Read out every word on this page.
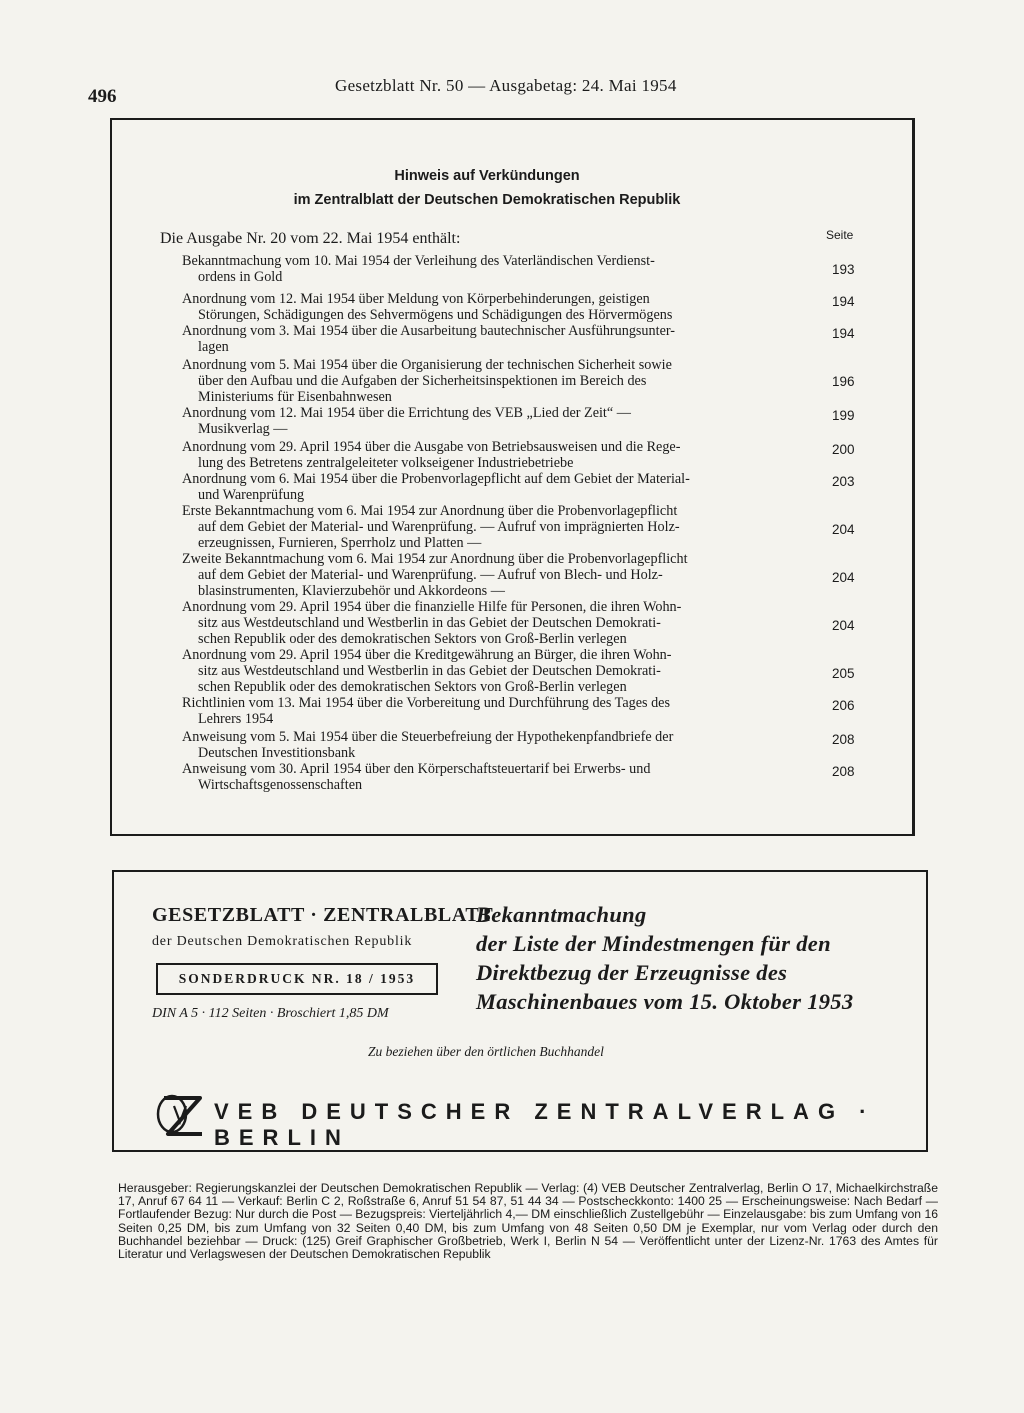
496
Gesetzblatt Nr. 50 — Ausgabetag: 24. Mai 1954
Hinweis auf Verkündungen
im Zentralblatt der Deutschen Demokratischen Republik
Die Ausgabe Nr. 20 vom 22. Mai 1954 enthält:	Seite
Bekanntmachung vom 10. Mai 1954 der Verleihung des Vaterländischen Verdienst-
ordens in Gold	193
Anordnung vom 12. Mai 1954 über Meldung von Körperbehinderungen, geistigen
Störungen, Schädigungen des Sehvermögens und Schädigungen des Hörvermögens
194
Anordnung vom 3. Mai 1954 über die Ausarbeitung bautechnischer Ausführungsunter-
lagen
194
Anordnung vom 5. Mai 1954 über die Organisierung der technischen Sicherheit sowie
über den Aufbau und die Aufgaben der Sicherheitsinspektionen im Bereich des
Ministeriums für Eisenbahnwesen
196
Anordnung vom 12. Mai 1954 über die Errichtung des VEB „Lied der Zeit“ —
Musikverlag —
199
Anordnung vom 29. April 1954 über die Ausgabe von Betriebsausweisen und die Rege-
lung des Betretens zentralgeleiteter volkseigener Industriebetriebe
200
Anordnung vom 6. Mai 1954 über die Probenvorlagepflicht auf dem Gebiet der Material-
und Warenprüfung
203
Erste Bekanntmachung vom 6. Mai 1954 zur Anordnung über die Probenvorlagepflicht
auf dem Gebiet der Material- und Warenprüfung. — Aufruf von imprägnierten Holz-
erzeugnissen, Furnieren, Sperrholz und Platten —
204
Zweite Bekanntmachung vom 6. Mai 1954 zur Anordnung über die Probenvorlagepflicht
auf dem Gebiet der Material- und Warenprüfung. — Aufruf von Blech- und Holz-
blasinstrumenten, Klavierzubehör und Akkordeons —
204
Anordnung vom 29. April 1954 über die finanzielle Hilfe für Personen, die ihren Wohn-
sitz aus Westdeutschland und Westberlin in das Gebiet der Deutschen Demokrati-
schen Republik oder des demokratischen Sektors von Groß-Berlin verlegen
204
Anordnung vom 29. April 1954 über die Kreditgewährung an Bürger, die ihren Wohn-
sitz aus Westdeutschland und Westberlin in das Gebiet der Deutschen Demokrati-
schen Republik oder des demokratischen Sektors von Groß-Berlin verlegen
205
Richtlinien vom 13. Mai 1954 über die Vorbereitung und Durchführung des Tages des
Lehrers 1954
206
Anweisung vom 5. Mai 1954 über die Steuerbefreiung der Hypothekenpfandbriefe der
Deutschen Investitionsbank
208
Anweisung vom 30. April 1954 über den Körperschaftsteuertarif bei Erwerbs- und
Wirtschaftsgenossenschaften
208
GESETZBLATT · ZENTRALBLATT
der Deutschen Demokratischen Republik
SONDERDRUCK NR. 18 / 1953
DIN A 5 · 112 Seiten · Broschiert 1,85 DM
Bekanntmachung
der Liste der Mindestmengen für den
Direktbezug der Erzeugnisse des
Maschinenbaues vom 15. Oktober 1953
Zu beziehen über den örtlichen Buchhandel
VEB DEUTSCHER ZENTRALVERLAG · BERLIN
Herausgeber: Regierungskanzlei der Deutschen Demokratischen Republik — Verlag: (4) VEB Deutscher Zentralverlag, Berlin O 17, Michaelkirchstraße 17, Anruf 67 64 11 — Verkauf: Berlin C 2, Roßstraße 6, Anruf 51 54 87, 51 44 34 — Postscheckkonto: 1400 25 — Erscheinungsweise: Nach Bedarf — Fortlaufender Bezug: Nur durch die Post — Bezugspreis: Vierteljährlich 4,— DM einschließlich Zustellgebühr — Einzelausgabe: bis zum Umfang von 16 Seiten 0,25 DM, bis zum Umfang von 32 Seiten 0,40 DM, bis zum Umfang von 48 Seiten 0,50 DM je Exemplar, nur vom Verlag oder durch den Buchhandel beziehbar — Druck: (125) Greif Graphischer Großbetrieb, Werk I, Berlin N 54 — Veröffentlicht unter der Lizenz-Nr. 1763 des Amtes für Literatur und Verlagswesen der Deutschen Demokratischen Republik
